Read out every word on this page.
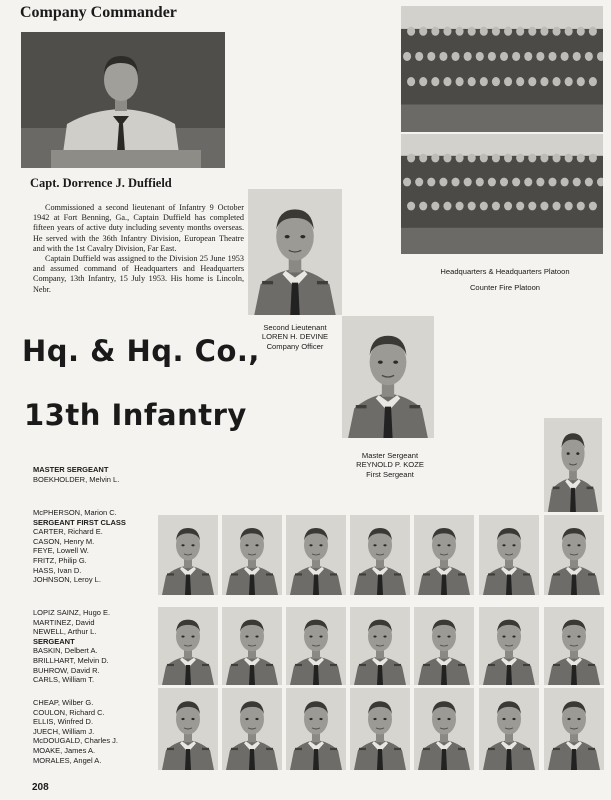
Company Commander
Capt. Dorrence J. Duffield

Commissioned a second lieutenant of Infantry 9 October 1942 at Fort Benning, Ga., Captain Duffield has completed fifteen years of active duty including seventy months overseas. He served with the 36th Infantry Division, European Theatre and with the 1st Cavalry Division, Far East.

Captain Duffield was assigned to the Division 25 June 1953 and assumed command of Headquarters and Headquarters Company, 13th Infantry, 15 July 1953. His home is Lincoln, Nebr.

Headquarters & Headquarters Platoon
Counter Fire Platoon
Second Lieutenant
LOREN H. DEVINE
Company Officer
Master Sergeant
REYNOLD P. KOZE
First Sergeant
Hq. & Hq. Co.,
13th Infantry
MASTER SERGEANT
BOEKHOLDER, Melvin L.
McPHERSON, Marion C.
SERGEANT FIRST CLASS
CARTER, Richard E.
CASON, Henry M.
FEYE, Lowell W.
FRITZ, Philip G.
HASS, Ivan D.
JOHNSON, Leroy L.
LOPIZ SAINZ, Hugo E.
MARTINEZ, David
NEWELL, Arthur L.
SERGEANT
BASKIN, Delbert A.
BRILLHART, Melvin D.
BUHROW, David R.
CARLS, William T.
CHEAP, Wilber G.
COULON, Richard C.
ELLIS, Winfred D.
JUECH, William J.
McDOUGALD, Charles J.
MOAKE, James A.
MORALES, Angel A.
208
